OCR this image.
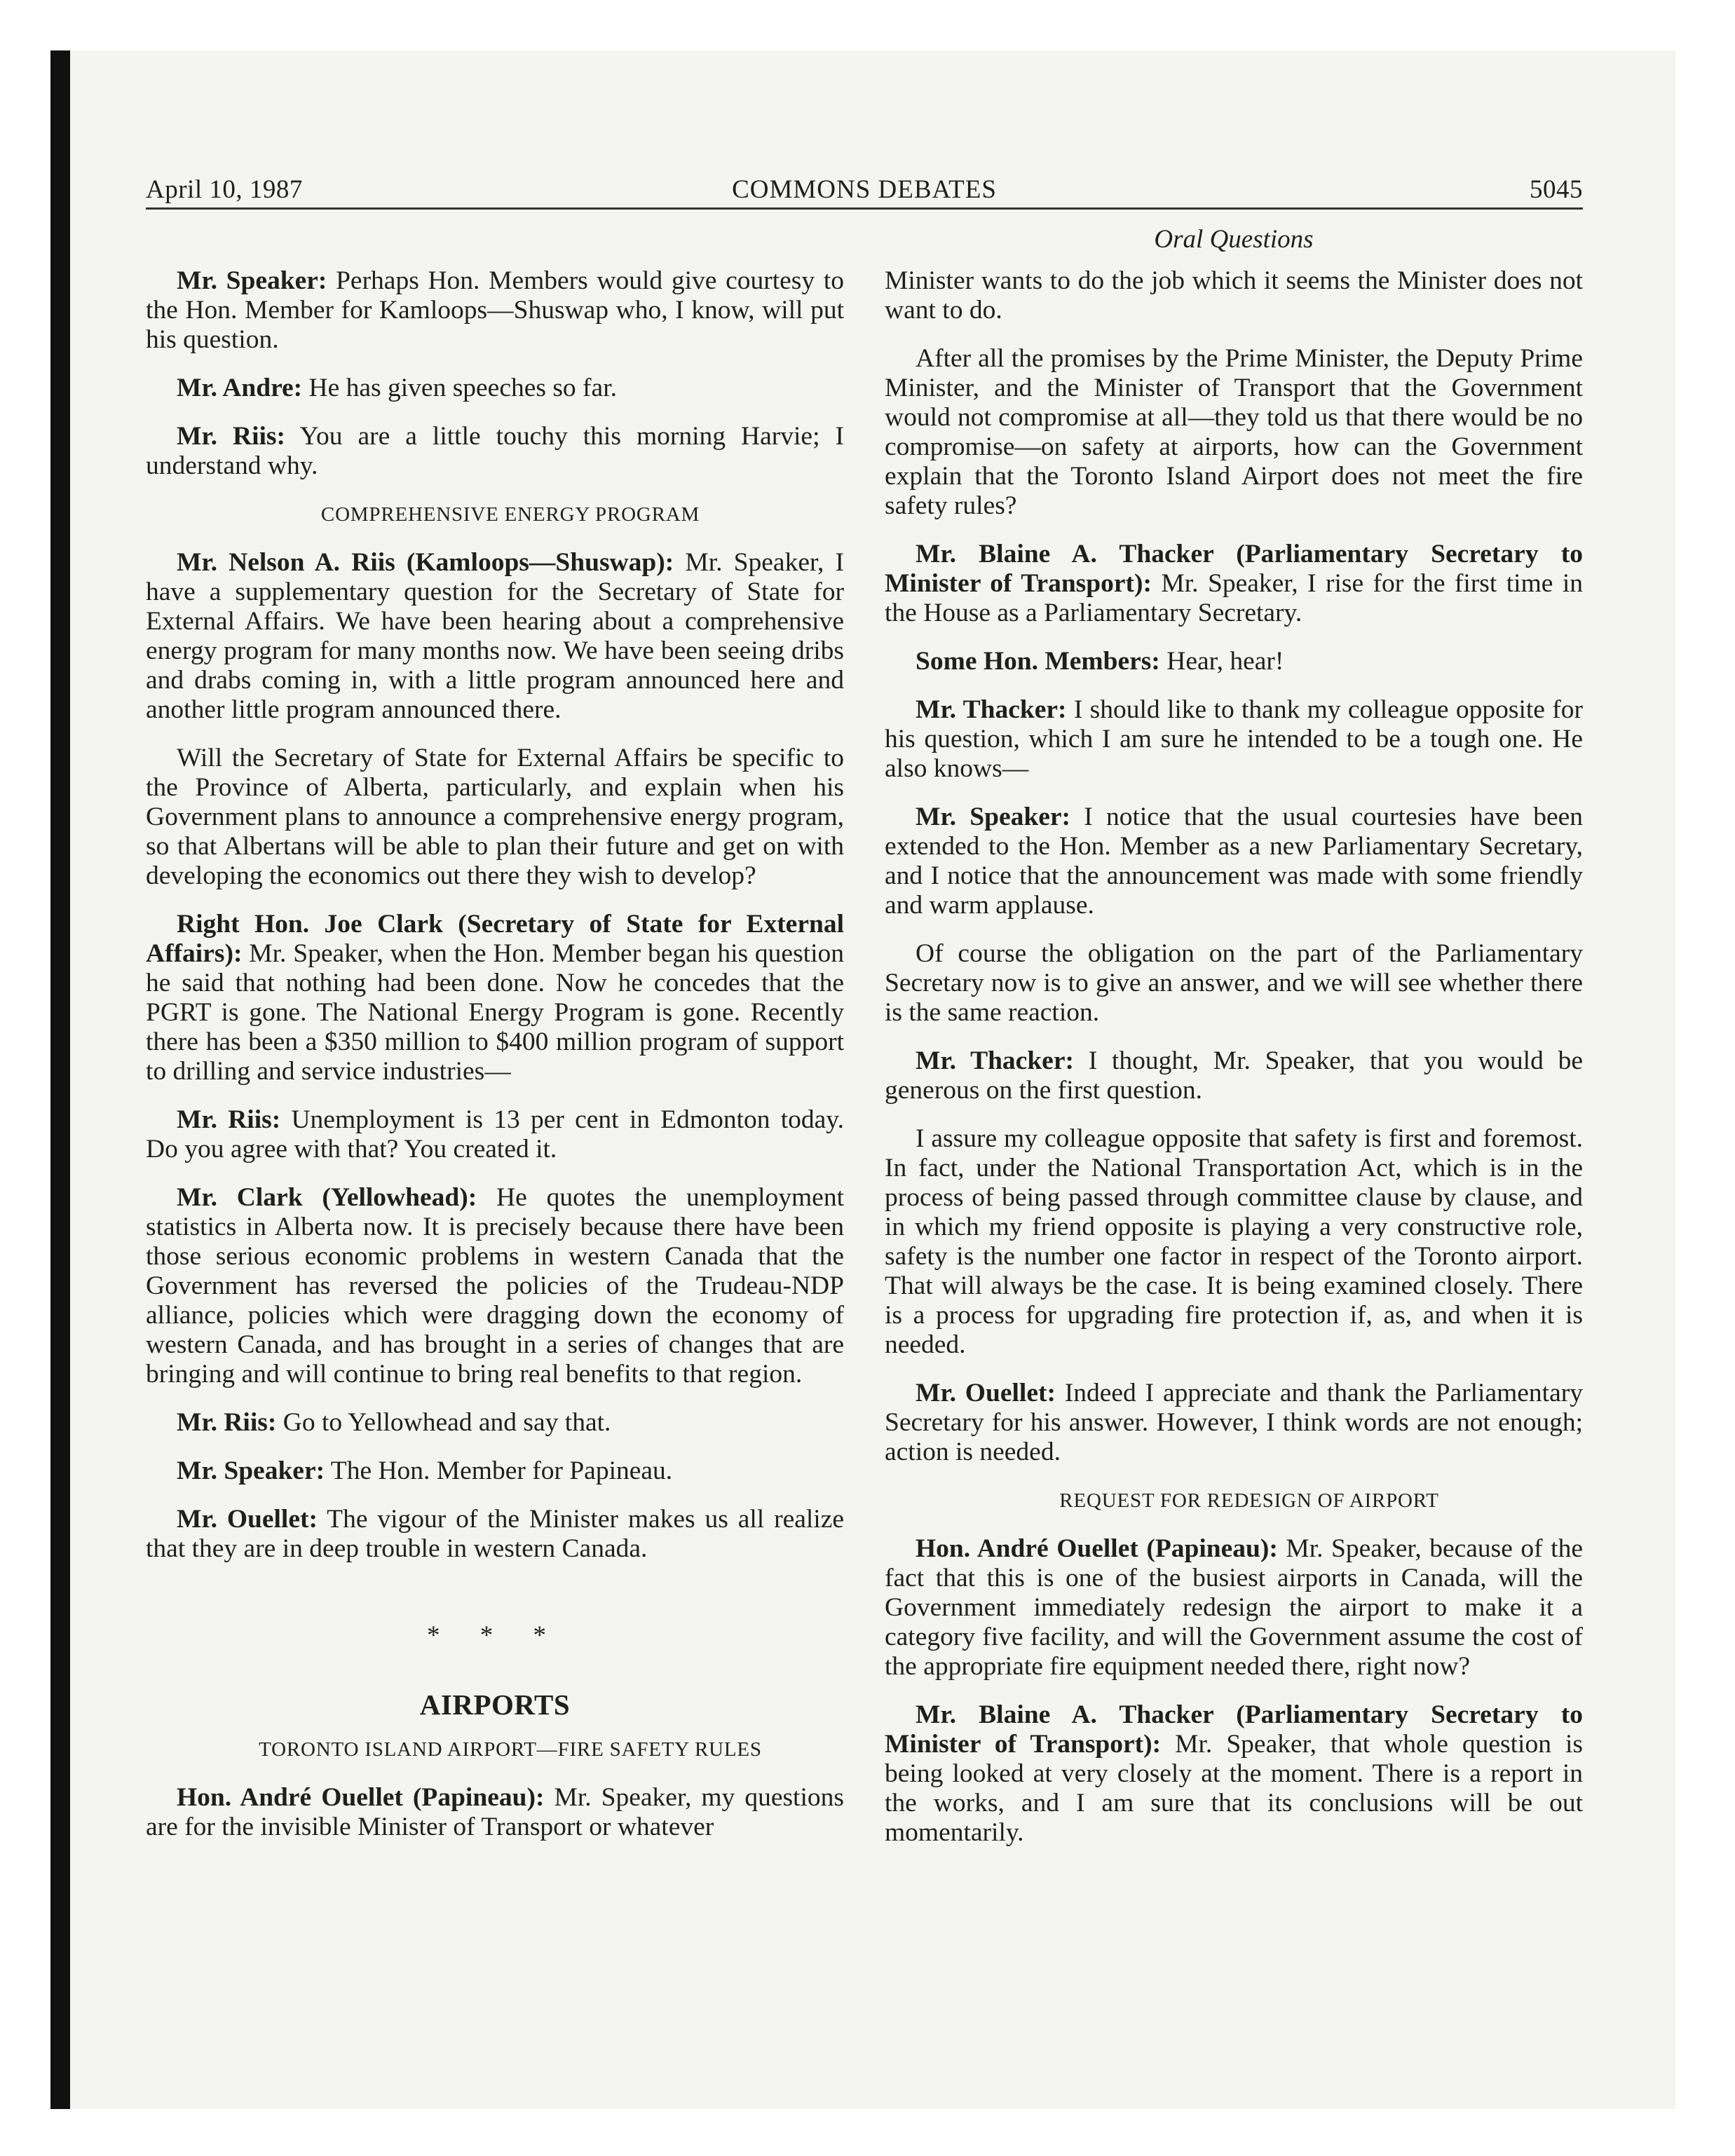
April 10, 1987	COMMONS DEBATES	5045
Oral Questions

Mr. Speaker: Perhaps Hon. Members would give courtesy to the Hon. Member for Kamloops—Shuswap who, I know, will put his question.

Mr. Andre: He has given speeches so far.

Mr. Riis: You are a little touchy this morning Harvie; I understand why.

COMPREHENSIVE ENERGY PROGRAM

Mr. Nelson A. Riis (Kamloops—Shuswap): Mr. Speaker, I have a supplementary question for the Secretary of State for External Affairs. We have been hearing about a comprehensive energy program for many months now. We have been seeing dribs and drabs coming in, with a little program announced here and another little program announced there.

Will the Secretary of State for External Affairs be specific to the Province of Alberta, particularly, and explain when his Government plans to announce a comprehensive energy program, so that Albertans will be able to plan their future and get on with developing the economics out there they wish to develop?

Right Hon. Joe Clark (Secretary of State for External Affairs): Mr. Speaker, when the Hon. Member began his question he said that nothing had been done. Now he concedes that the PGRT is gone. The National Energy Program is gone. Recently there has been a $350 million to $400 million program of support to drilling and service industries—

Mr. Riis: Unemployment is 13 per cent in Edmonton today. Do you agree with that? You created it.

Mr. Clark (Yellowhead): He quotes the unemployment statistics in Alberta now. It is precisely because there have been those serious economic problems in western Canada that the Government has reversed the policies of the Trudeau-NDP alliance, policies which were dragging down the economy of western Canada, and has brought in a series of changes that are bringing and will continue to bring real benefits to that region.

Mr. Riis: Go to Yellowhead and say that.

Mr. Speaker: The Hon. Member for Papineau.

Mr. Ouellet: The vigour of the Minister makes us all realize that they are in deep trouble in western Canada.

* * *
AIRPORTS

TORONTO ISLAND AIRPORT—FIRE SAFETY RULES

Hon. André Ouellet (Papineau): Mr. Speaker, my questions are for the invisible Minister of Transport or whatever

Minister wants to do the job which it seems the Minister does not want to do.

After all the promises by the Prime Minister, the Deputy Prime Minister, and the Minister of Transport that the Government would not compromise at all—they told us that there would be no compromise—on safety at airports, how can the Government explain that the Toronto Island Airport does not meet the fire safety rules?

Mr. Blaine A. Thacker (Parliamentary Secretary to Minister of Transport): Mr. Speaker, I rise for the first time in the House as a Parliamentary Secretary.

Some Hon. Members: Hear, hear!

Mr. Thacker: I should like to thank my colleague opposite for his question, which I am sure he intended to be a tough one. He also knows—

Mr. Speaker: I notice that the usual courtesies have been extended to the Hon. Member as a new Parliamentary Secretary, and I notice that the announcement was made with some friendly and warm applause.

Of course the obligation on the part of the Parliamentary Secretary now is to give an answer, and we will see whether there is the same reaction.

Mr. Thacker: I thought, Mr. Speaker, that you would be generous on the first question.

I assure my colleague opposite that safety is first and foremost. In fact, under the National Transportation Act, which is in the process of being passed through committee clause by clause, and in which my friend opposite is playing a very constructive role, safety is the number one factor in respect of the Toronto airport. That will always be the case. It is being examined closely. There is a process for upgrading fire protection if, as, and when it is needed.

Mr. Ouellet: Indeed I appreciate and thank the Parliamentary Secretary for his answer. However, I think words are not enough; action is needed.

REQUEST FOR REDESIGN OF AIRPORT

Hon. André Ouellet (Papineau): Mr. Speaker, because of the fact that this is one of the busiest airports in Canada, will the Government immediately redesign the airport to make it a category five facility, and will the Government assume the cost of the appropriate fire equipment needed there, right now?

Mr. Blaine A. Thacker (Parliamentary Secretary to Minister of Transport): Mr. Speaker, that whole question is being looked at very closely at the moment. There is a report in the works, and I am sure that its conclusions will be out momentarily.
